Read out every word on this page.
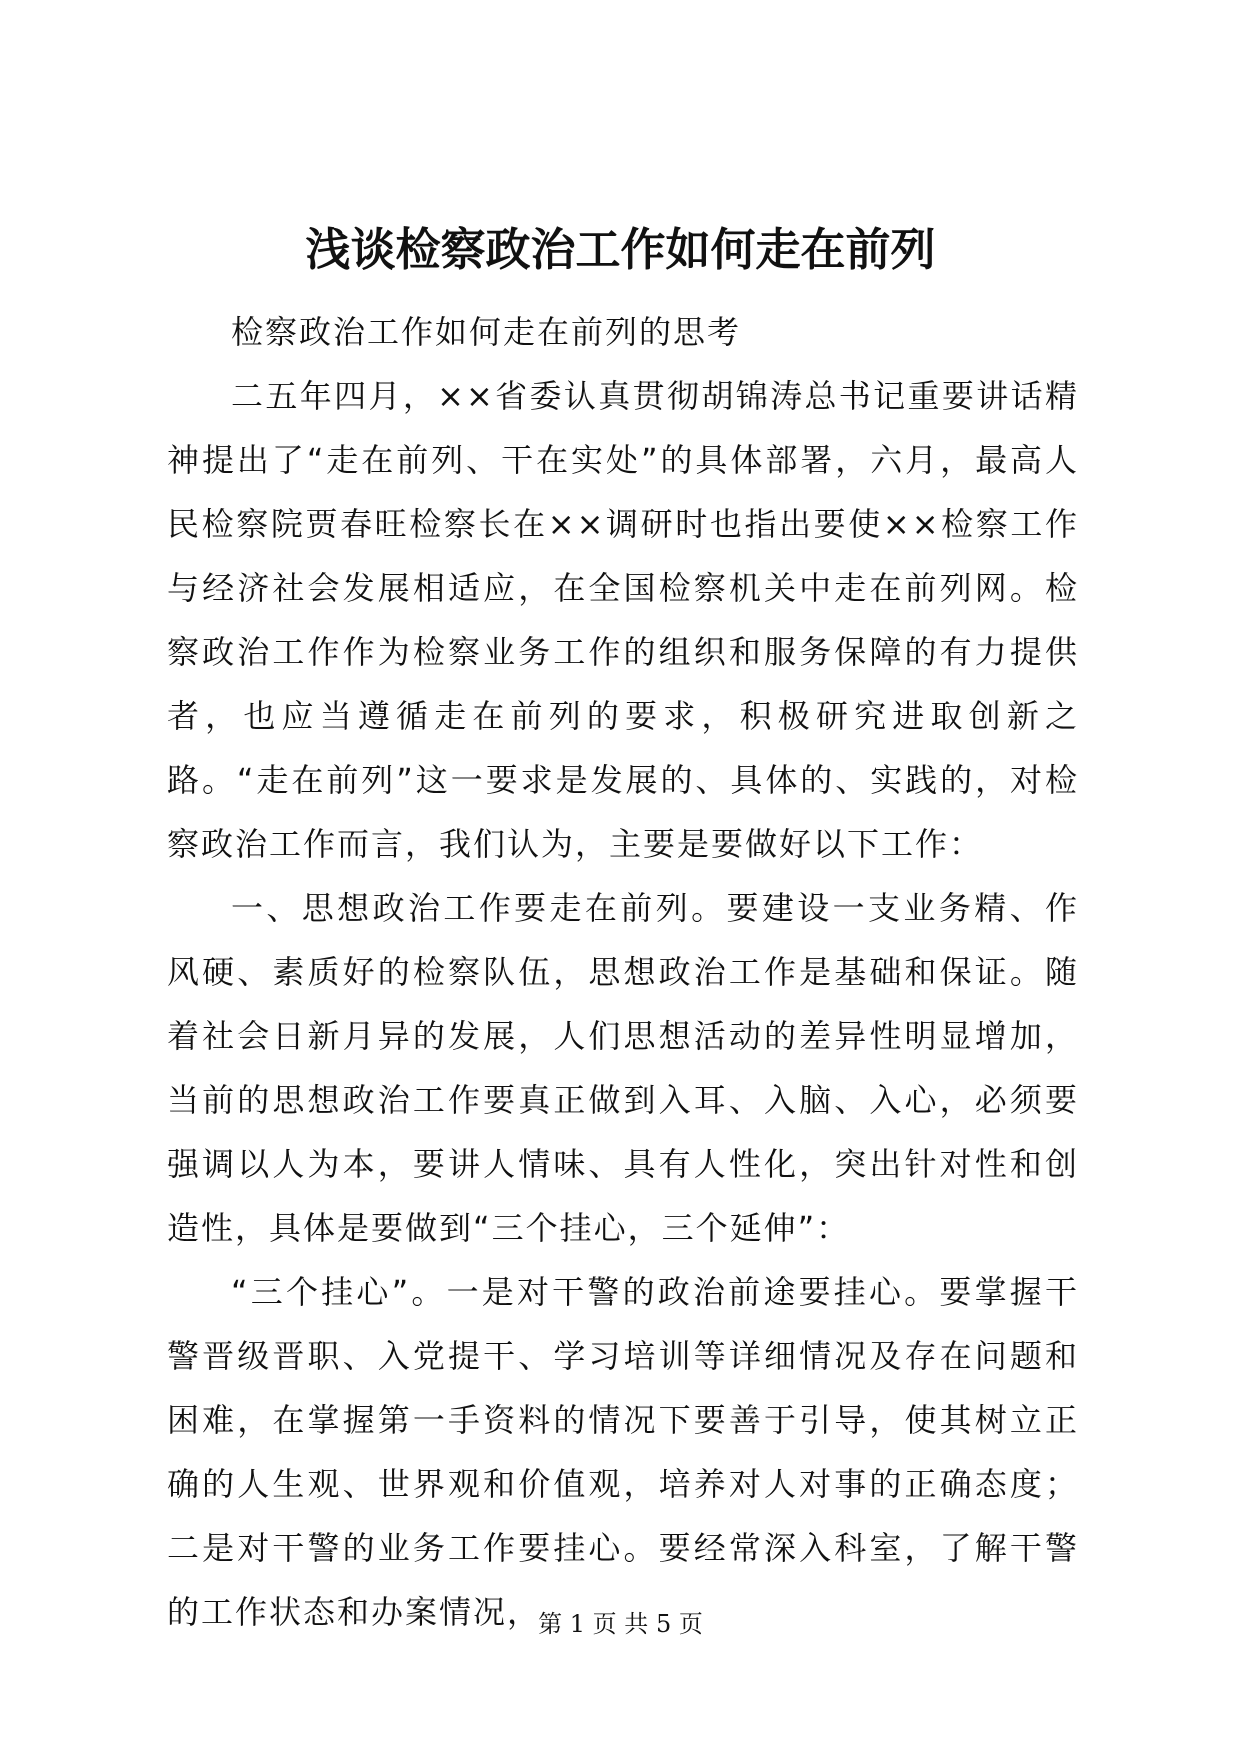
浅谈检察政治工作如何走在前列

检察政治工作如何走在前列的思考

二五年四月，××省委认真贯彻胡锦涛总书记重要讲话精神提出了“走在前列、干在实处”的具体部署，六月，最高人民检察院贾春旺检察长在××调研时也指出要使××检察工作与经济社会发展相适应，在全国检察机关中走在前列网。检察政治工作作为检察业务工作的组织和服务保障的有力提供者，也应当遵循走在前列的要求，积极研究进取创新之路。“走在前列”这一要求是发展的、具体的、实践的，对检察政治工作而言，我们认为，主要是要做好以下工作：

一、思想政治工作要走在前列。要建设一支业务精、作风硬、素质好的检察队伍，思想政治工作是基础和保证。随着社会日新月异的发展，人们思想活动的差异性明显增加，当前的思想政治工作要真正做到入耳、入脑、入心，必须要强调以人为本，要讲人情味、具有人性化，突出针对性和创造性，具体是要做到“三个挂心，三个延伸”：

“三个挂心”。一是对干警的政治前途要挂心。要掌握干警晋级晋职、入党提干、学习培训等详细情况及存在问题和困难，在掌握第一手资料的情况下要善于引导，使其树立正确的人生观、世界观和价值观，培养对人对事的正确态度；二是对干警的业务工作要挂心。要经常深入科室，了解干警的工作状态和办案情况，

第 1 页 共 5 页
